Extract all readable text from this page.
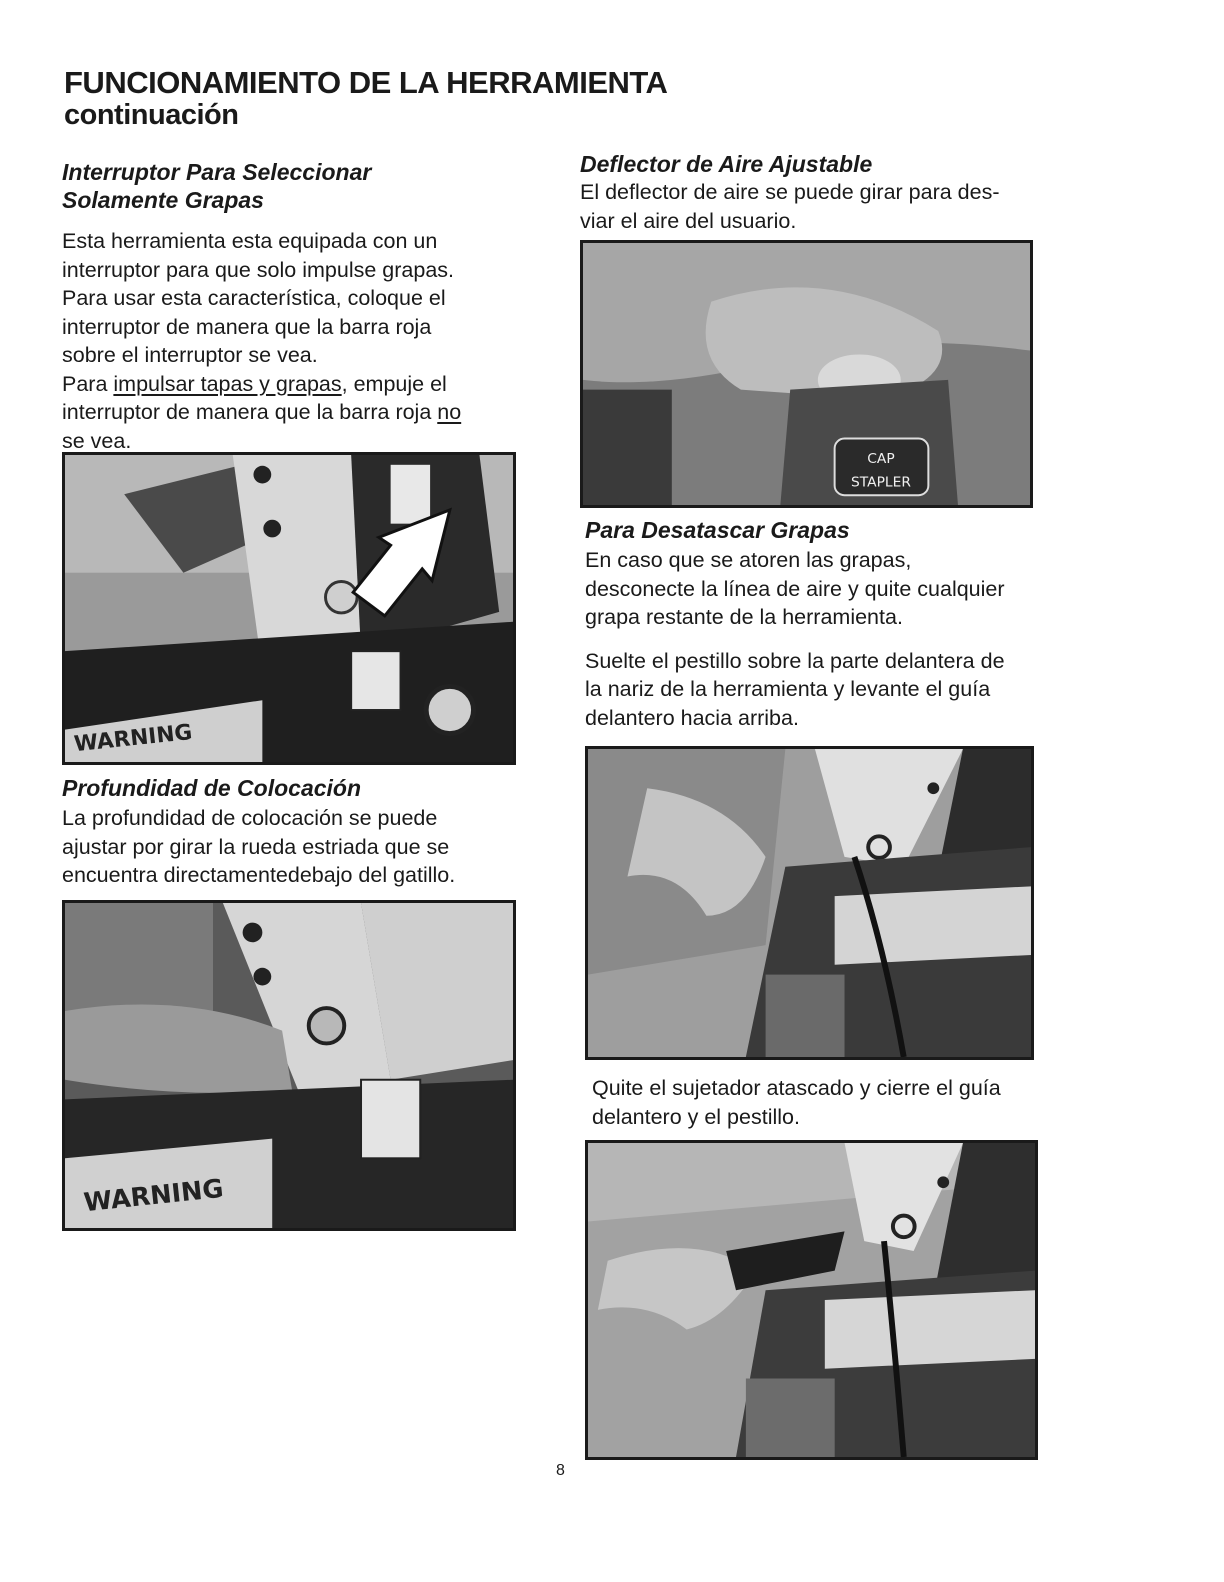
FUNCIONAMIENTO DE LA HERRAMIENTA
continuación
Interruptor Para Seleccionar
Solamente Grapas

Esta herramienta esta equipada con un

interruptor para que solo impulse grapas.

Para usar esta característica, coloque el

interruptor de manera que la barra roja

sobre el interruptor se vea.

Para impulsar tapas y grapas, empuje el

interruptor de manera que la barra roja no

se vea.

WARNING
Profundidad de Colocación

La profundidad de colocación se puede

ajustar por girar la rueda estriada que se

encuentra directamentedebajo del gatillo.

WARNING
Deflector de Aire Ajustable

El deflector de aire se puede girar para des-

viar el aire del usuario.

CAP
STAPLER
Para Desatascar Grapas

En caso que se atoren las grapas,

desconecte la línea de aire y quite cualquier

grapa restante de la herramienta.

Suelte el pestillo sobre la parte delantera de

la nariz de la herramienta y levante el guía

delantero hacia arriba.

Quite el sujetador atascado y cierre el guía

delantero y el pestillo.

8
